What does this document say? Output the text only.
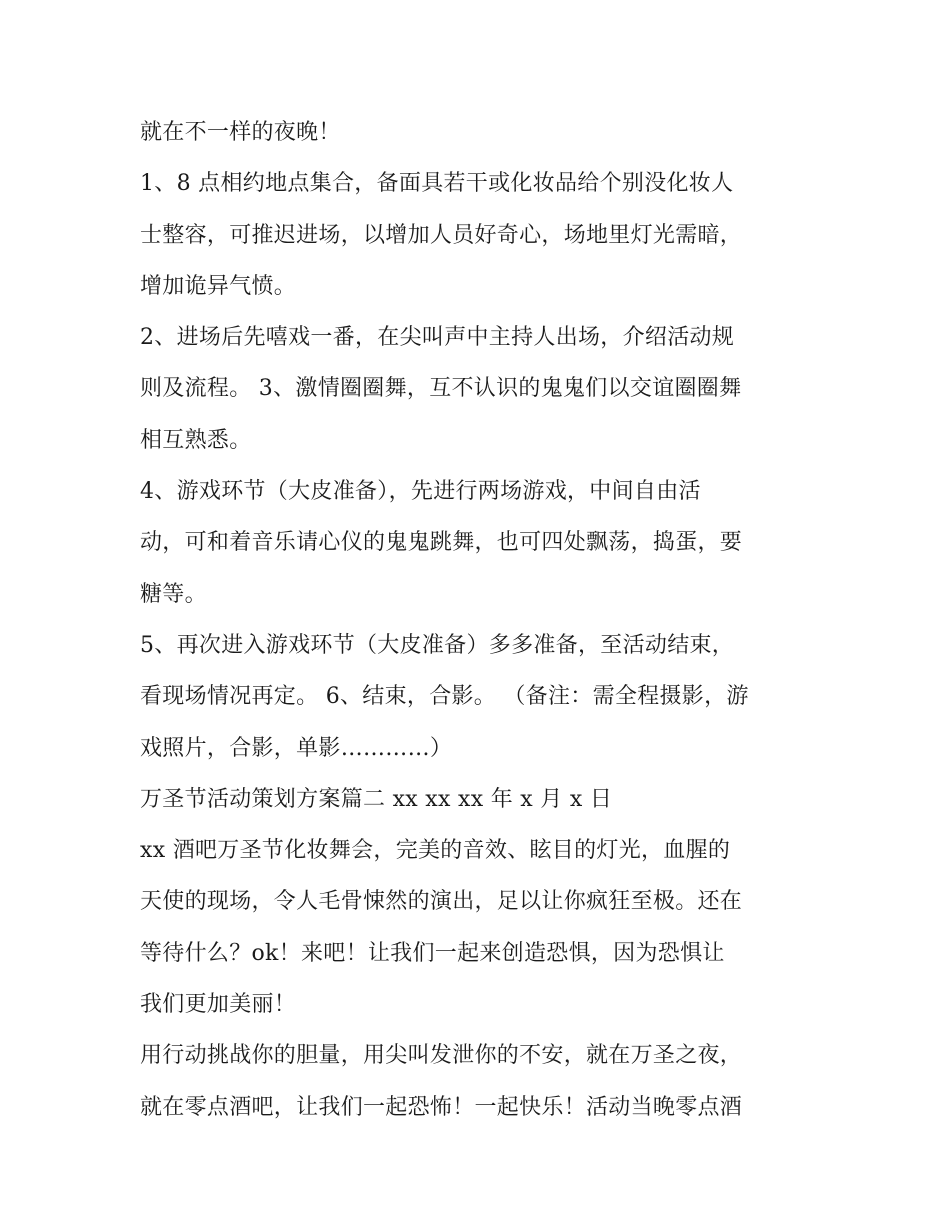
就在不一样的夜晚！
1、8 点相约地点集合，备面具若干或化妆品给个别没化妆人
士整容，可推迟进场，以增加人员好奇心，场地里灯光需暗，
增加诡异气愤。
2、进场后先嘻戏一番，在尖叫声中主持人出场，介绍活动规
则及流程。 3、激情圈圈舞，互不认识的鬼鬼们以交谊圈圈舞
相互熟悉。
4、游戏环节（大皮准备），先进行两场游戏，中间自由活
动，可和着音乐请心仪的鬼鬼跳舞，也可四处飘荡，捣蛋，要
糖等。
5、再次进入游戏环节（大皮准备）多多准备，至活动结束，
看现场情况再定。 6、结束，合影。 （备注：需全程摄影，游
戏照片，合影，单影…………）
万圣节活动策划方案篇二 xx xx xx 年 x 月 x 日
xx 酒吧万圣节化妆舞会，完美的音效、眩目的灯光，血腥的
天使的现场，令人毛骨悚然的演出，足以让你疯狂至极。还在
等待什么？ok！来吧！让我们一起来创造恐惧，因为恐惧让
我们更加美丽！
用行动挑战你的胆量，用尖叫发泄你的不安，就在万圣之夜，
就在零点酒吧，让我们一起恐怖！一起快乐！活动当晚零点酒
